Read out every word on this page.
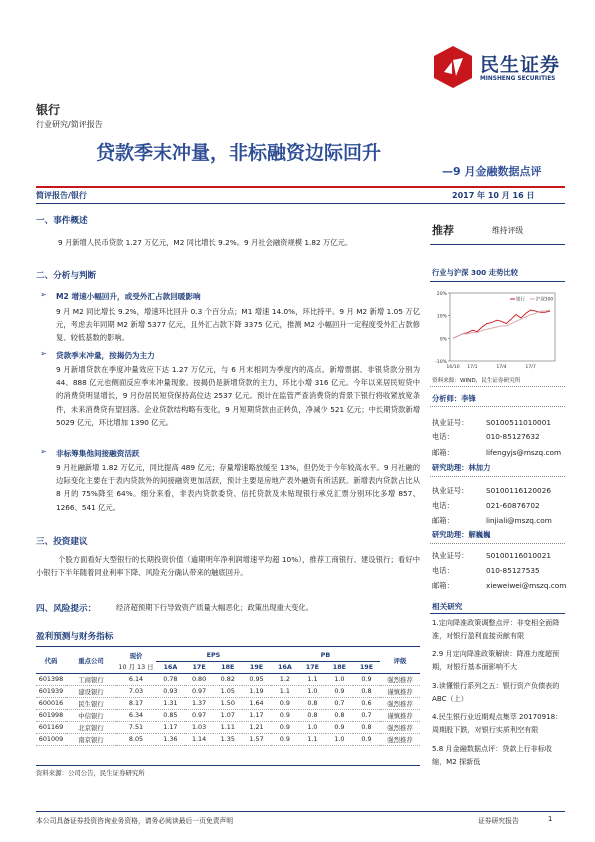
民生证券
MINSHENG SECURITIES
银行
行业研究/简评报告
贷款季末冲量，非标融资边际回升
—9 月金融数据点评
简评报告/银行	2017 年 10 月 16 日
一、事件概述
9 月新增人民币贷款 1.27 万亿元，M2 同比增长 9.2%。9 月社会融资规模 1.82 万亿元。
二、分析与判断
➢ M2 增速小幅回升，或受外汇占款回暖影响
9 月 M2 同比增长 9.2%，增速环比回升 0.3 个百分点；M1 增速 14.0%，环比持平。9 月 M2 新增 1.05 万亿元，考虑去年同期 M2 新增 5377 亿元，且外汇占款下降 3375 亿元，推测 M2 小幅回升一定程度受外汇占款修复、较低基数的影响。
➢ 贷款季末冲量，按揭仍为主力
9 月新增贷款在季度冲量效应下达 1.27 万亿元，与 6 月末相同为季度内的高点。新增票据、非银贷款分别为 44、888 亿元也侧面反应季末冲量现象。按揭仍是新增贷款的主力，环比小增 316 亿元。今年以来居民短贷中的消费贷明显增长，9 月份居民短贷保持高位达 2537 亿元。预计在监管严查消费贷的背景下银行将收紧放宽条件，未来消费贷有望回落。企业贷款结构略有变化，9 月短期贷款由正转负，净减少 521 亿元；中长期贷款新增 5029 亿元，环比增加 1390 亿元。
➢ 非标筹集他间接融资活跃
9 月社融新增 1.82 万亿元，同比提高 489 亿元；存量增速略放缓至 13%，但仍处于今年较高水平。9 月社融的边际变化主要在于表内贷款外的间接融资更加活跃，预计主要是房地产表外融资有所活跃。新增表内贷款占比从 8 月的 75%降至 64%。细分来看，非表内贷款委贷、信托贷款及未贴现银行承兑汇票分别环比多增 857、1266、541 亿元。
三、投资建议
个股方面看好大型银行的长期投资价值（逾期明年净利润增速平均超 10%），推荐工商银行、建设银行；看好中小银行下半年随着同业利率下降、风险充分确认带来的触底回升。
四、风险提示：	经济超预期下行导致资产质量大幅恶化；政策出现重大变化。
盈利预测与财务指标
代码	重点公司	现价	EPS				PB				评级
		10 月 13 日	16A	17E	18E	19E	16A	17E	18E	19E	
601398	工商银行	6.14	0.78	0.80	0.82	0.95	1.2	1.1	1.0	0.9	强烈推荐
601939	建设银行	7.03	0.93	0.97	1.05	1.19	1.1	1.0	0.9	0.8	谨慎推荐
600016	民生银行	8.17	1.31	1.37	1.50	1.64	0.9	0.8	0.7	0.6	强烈推荐
601998	中信银行	6.34	0.85	0.97	1.07	1.17	0.9	0.8	0.8	0.7	谨慎推荐
601169	北京银行	7.51	1.17	1.03	1.11	1.21	0.9	1.0	0.9	0.8	强烈推荐
601009	南京银行	8.05	1.36	1.14	1.35	1.57	0.9	1.1	1.0	0.9	强烈推荐
资料来源：公司公告，民生证券研究所
推荐	维持评级
行业与沪深 300 走势比较
20%
10%
0%
-10%
16/10 17/1	17/4	17/7
银行	沪深300
资料来源：WIND，民生证券研究所
分析师：李锋
执业证号： S0100511010001
电话：	010-85127632
邮箱：	lifengyjs@mszq.com
研究助理：林加力
执业证号： S0100116120026
电话：	021-60876702
邮箱：	linjiali@mszq.com
研究助理：解巍巍
执业证号： S0100116010021
电话：	010-85127535
邮箱：	xieweiwei@mszq.com
相关研究
1.定向降准政策调整点评：非变相全面降准，对银行盈利直接贡献有限
2.9 月定向降准政策解读：降准力度超预期，对银行基本面影响不大
3.读懂银行系列之五：银行资产负债表的 ABC（上）
4.民生银行业近期观点集萃 20170918：周期股下跌，对银行实质利空有限
5.8 月金融数据点评：贷款上行非标收缩，M2 探新低
本公司具备证券投资咨询业务资格，请务必阅读最后一页免责声明	证券研究报告	1
